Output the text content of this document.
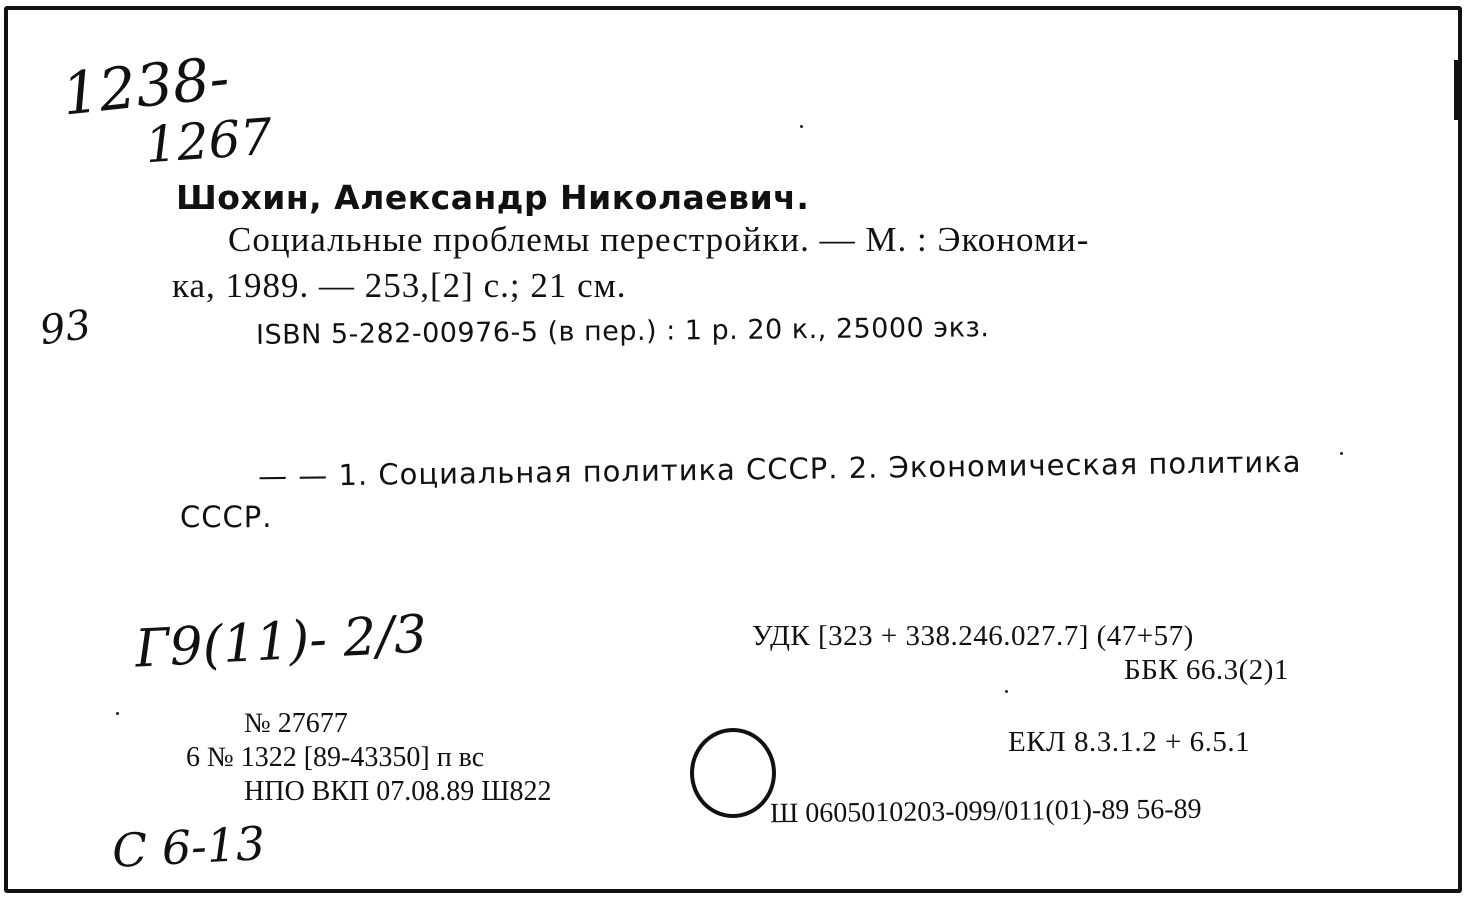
1238-
1267
93
Шохин, Александр Николаевич.
Социальные проблемы перестройки. — М. : Экономи-
ка, 1989. — 253,[2] с.; 21 см.
ISBN 5-282-00976-5 (в пер.) : 1 р. 20 к., 25000 экз.
— — 1. Социальная политика СССР. 2. Экономическая политика
СССР.
Г9(11)- 2/3	УДК [323 + 338.246.027.7] (47+57)
ББК 66.3(2)1
ЕКЛ 8.3.1.2 + 6.5.1
Ш 0605010203-099/011(01)-89 56-89
№ 27677
6 № 1322 [89-43350] п вс
НПО ВКП 07.08.89 Ш822
С 6-13
